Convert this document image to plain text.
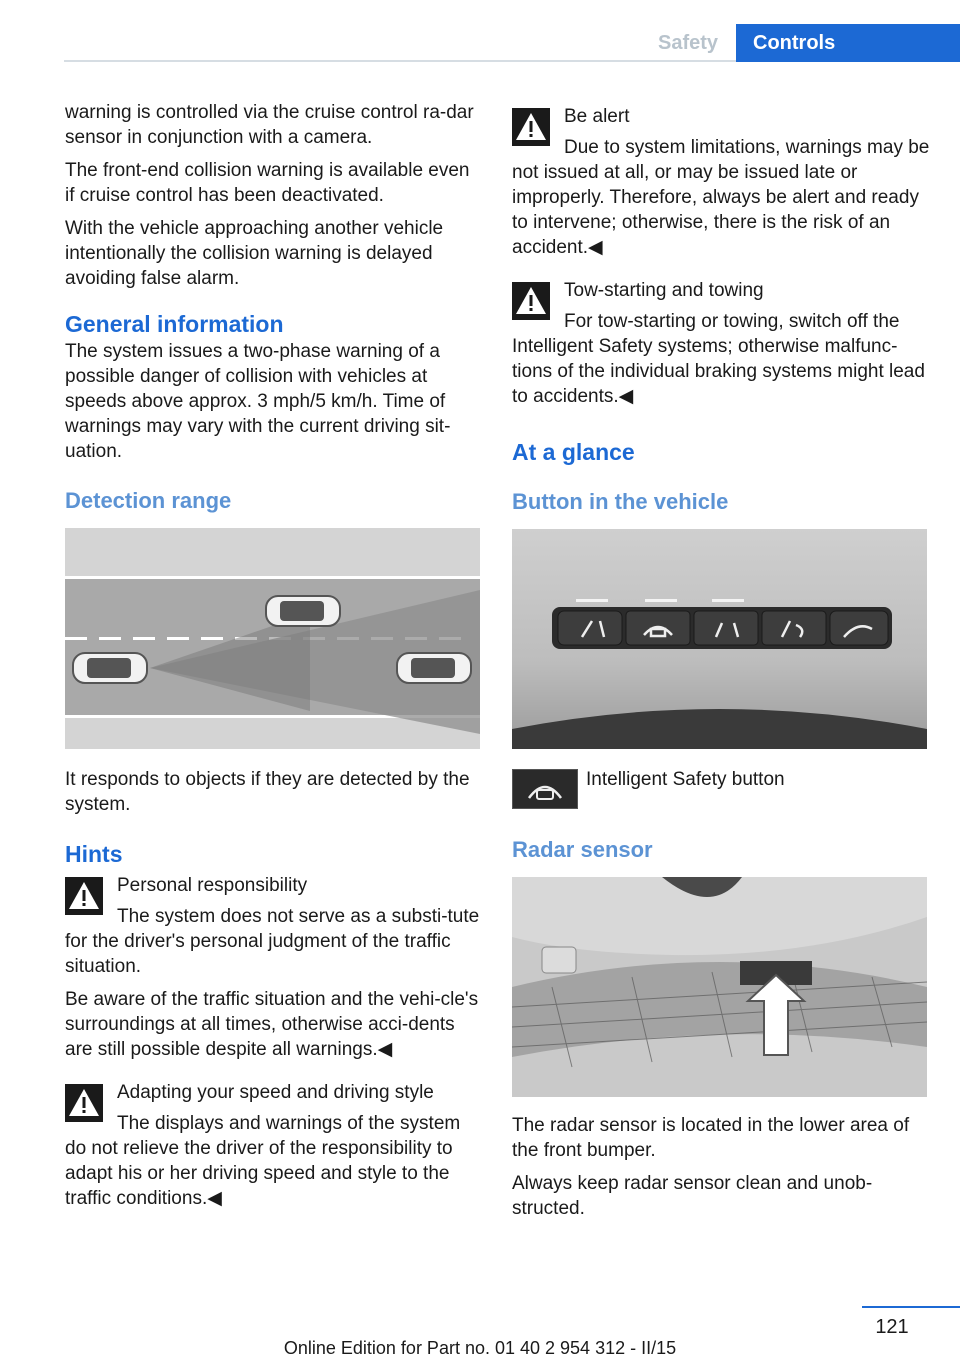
Safety	Controls

warning is controlled via the cruise control ra‐dar sensor in conjunction with a camera.

The front-end collision warning is available even if cruise control has been deactivated.

With the vehicle approaching another vehicle intentionally the collision warning is delayed avoiding false alarm.

General information

The system issues a two-phase warning of a possible danger of collision with vehicles at speeds above approx. 3 mph/5 km/h. Time of warnings may vary with the current driving sit‐uation.

Detection range

It responds to objects if they are detected by the system.

Hints

Personal responsibility

The system does not serve as a substi‐tute for the driver's personal judgment of the traffic situation.

Be aware of the traffic situation and the vehi‐cle's surroundings at all times, otherwise acci‐dents are still possible despite all warnings.◀

Adapting your speed and driving style

The displays and warnings of the system do not relieve the driver of the responsibility to adapt his or her driving speed and style to the traffic conditions.◀

Be alert

Due to system limitations, warnings may be not issued at all, or may be issued late or improperly. Therefore, always be alert and ready to intervene; otherwise, there is the risk of an accident.◀

Tow-starting and towing

For tow-starting or towing, switch off the Intelligent Safety systems; otherwise malfunc‐tions of the individual braking systems might lead to accidents.◀

At a glance
Button in the vehicle

Intelligent Safety button

Radar sensor

The radar sensor is located in the lower area of the front bumper.

Always keep radar sensor clean and unob‐structed.

121
Online Edition for Part no. 01 40 2 954 312 - II/15
